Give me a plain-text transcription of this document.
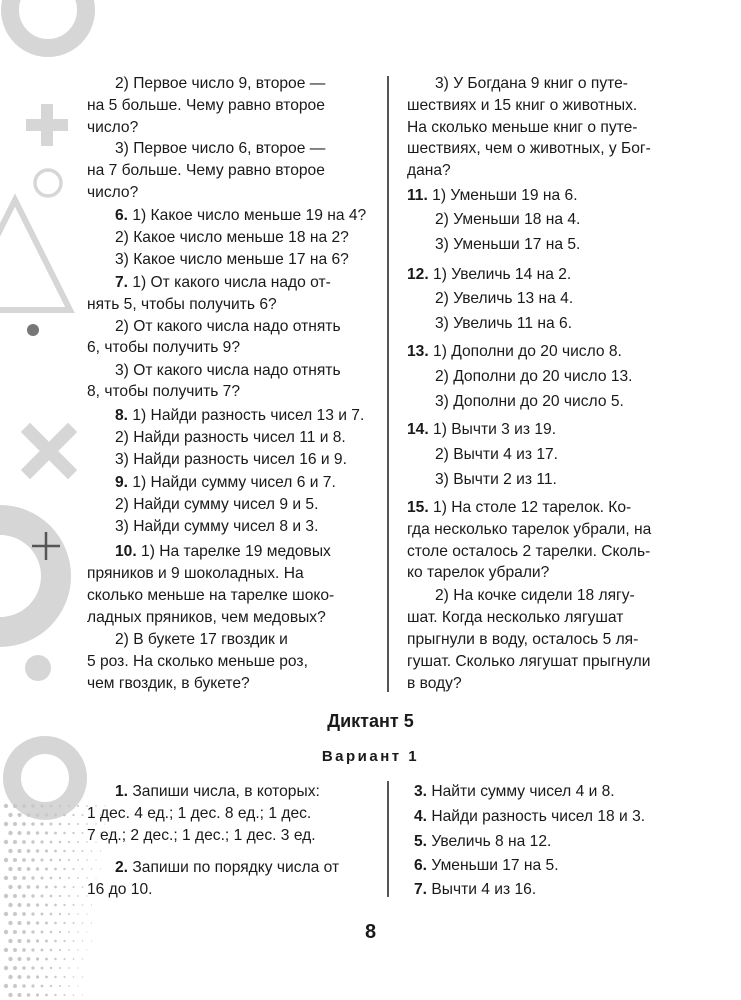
2) Первое число 9, второе —
на 5 больше. Чему равно второе
число?
3) Первое число 6, второе —
на 7 больше. Чему равно второе
число?
6. 1) Какое число меньше 19 на 4?
2) Какое число меньше 18 на 2?
3) Какое число меньше 17 на 6?
7. 1) От какого числа надо от-
нять 5, чтобы получить 6?
2) От какого числа надо отнять
6, чтобы получить 9?
3) От какого числа надо отнять
8, чтобы получить 7?
8. 1) Найди разность чисел 13 и 7.
2) Найди разность чисел 11 и 8.
3) Найди разность чисел 16 и 9.
9. 1) Найди сумму чисел 6 и 7.
2) Найди сумму чисел 9 и 5.
3) Найди сумму чисел 8 и 3.
10. 1) На тарелке 19 медовых
пряников и 9 шоколадных. На
сколько меньше на тарелке шоко-
ладных пряников, чем медовых?
2) В букете 17 гвоздик и
5 роз. На сколько меньше роз,
чем гвоздик, в букете?
3) У Богдана 9 книг о путе-
шествиях и 15 книг о животных.
На сколько меньше книг о путе-
шествиях, чем о животных, у Бог-
дана?
11. 1) Уменьши 19 на 6.
2) Уменьши 18 на 4.
3) Уменьши 17 на 5.
12. 1) Увеличь 14 на 2.
2) Увеличь 13 на 4.
3) Увеличь 11 на 6.
13. 1) Дополни до 20 число 8.
2) Дополни до 20 число 13.
3) Дополни до 20 число 5.
14. 1) Вычти 3 из 19.
2) Вычти 4 из 17.
3) Вычти 2 из 11.
15. 1) На столе 12 тарелок. Ко-
гда несколько тарелок убрали, на
столе осталось 2 тарелки. Сколь-
ко тарелок убрали?
2) На кочке сидели 18 лягу-
шат. Когда несколько лягушат
прыгнули в воду, осталось 5 ля-
гушат. Сколько лягушат прыгнули
в воду?
Диктант 5
Вариант 1
1. Запиши числа, в которых:
1 дес. 4 ед.; 1 дес. 8 ед.; 1 дес.
7 ед.; 2 дес.; 1 дес.; 1 дес. 3 ед.
2. Запиши по порядку числа от
16 до 10.
3. Найти сумму чисел 4 и 8.
4. Найди разность чисел 18 и 3.
5. Увеличь 8 на 12.
6. Уменьши 17 на 5.
7. Вычти 4 из 16.
8
